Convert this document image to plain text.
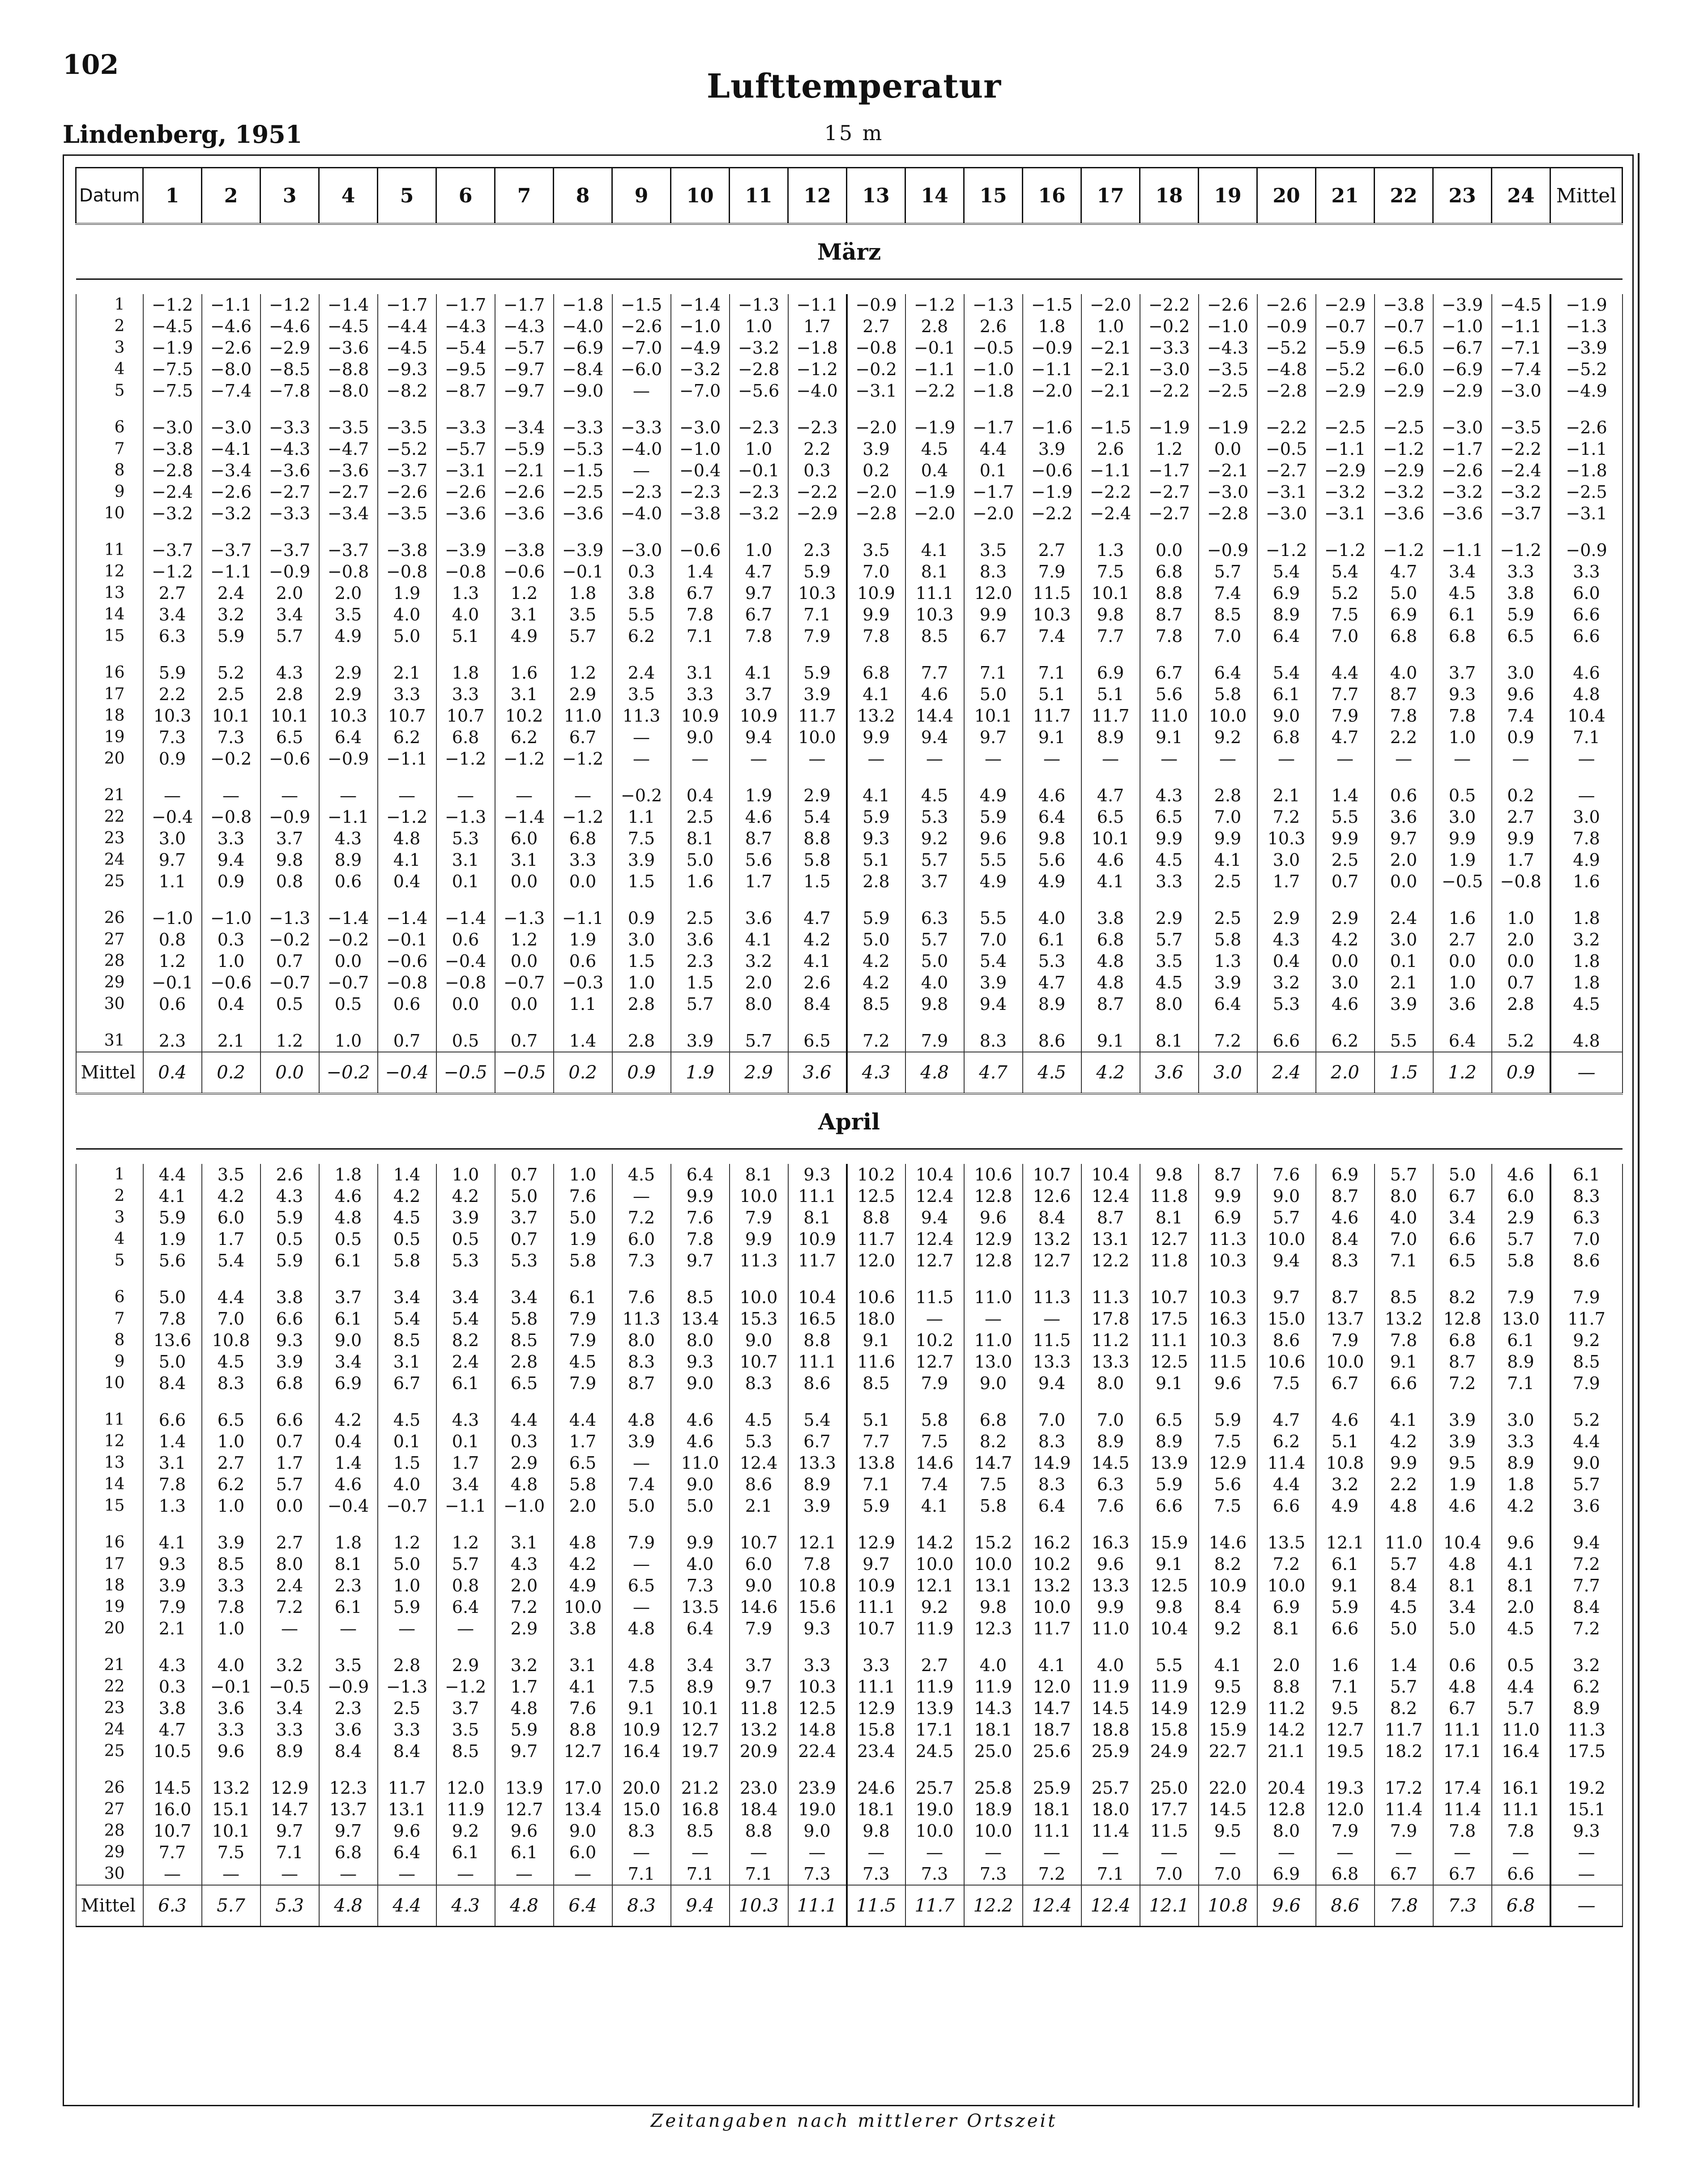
102
Lufttemperatur
Lindenberg, 1951	15 m
Datum	1	2	3	4	5	6	7	8	9	10	11	12	13	14	15	16	17	18	19	20	21	22	23	24	Mittel
März																									

1	−1.2	−1.1	−1.2	−1.4	−1.7	−1.7	−1.7	−1.8	−1.5	−1.4	−1.3	−1.1	−0.9	−1.2	−1.3	−1.5	−2.0	−2.2	−2.6	−2.6	−2.9	−3.8	−3.9	−4.5	−1.9
2	−4.5	−4.6	−4.6	−4.5	−4.4	−4.3	−4.3	−4.0	−2.6	−1.0	1.0	1.7	2.7	2.8	2.6	1.8	1.0	−0.2	−1.0	−0.9	−0.7	−0.7	−1.0	−1.1	−1.3
3	−1.9	−2.6	−2.9	−3.6	−4.5	−5.4	−5.7	−6.9	−7.0	−4.9	−3.2	−1.8	−0.8	−0.1	−0.5	−0.9	−2.1	−3.3	−4.3	−5.2	−5.9	−6.5	−6.7	−7.1	−3.9
4	−7.5	−8.0	−8.5	−8.8	−9.3	−9.5	−9.7	−8.4	−6.0	−3.2	−2.8	−1.2	−0.2	−1.1	−1.0	−1.1	−2.1	−3.0	−3.5	−4.8	−5.2	−6.0	−6.9	−7.4	−5.2
5	−7.5	−7.4	−7.8	−8.0	−8.2	−8.7	−9.7	−9.0	—	−7.0	−5.6	−4.0	−3.1	−2.2	−1.8	−2.0	−2.1	−2.2	−2.5	−2.8	−2.9	−2.9	−2.9	−3.0	−4.9
6	−3.0	−3.0	−3.3	−3.5	−3.5	−3.3	−3.4	−3.3	−3.3	−3.0	−2.3	−2.3	−2.0	−1.9	−1.7	−1.6	−1.5	−1.9	−1.9	−2.2	−2.5	−2.5	−3.0	−3.5	−2.6
7	−3.8	−4.1	−4.3	−4.7	−5.2	−5.7	−5.9	−5.3	−4.0	−1.0	1.0	2.2	3.9	4.5	4.4	3.9	2.6	1.2	0.0	−0.5	−1.1	−1.2	−1.7	−2.2	−1.1
8	−2.8	−3.4	−3.6	−3.6	−3.7	−3.1	−2.1	−1.5	—	−0.4	−0.1	0.3	0.2	0.4	0.1	−0.6	−1.1	−1.7	−2.1	−2.7	−2.9	−2.9	−2.6	−2.4	−1.8
9	−2.4	−2.6	−2.7	−2.7	−2.6	−2.6	−2.6	−2.5	−2.3	−2.3	−2.3	−2.2	−2.0	−1.9	−1.7	−1.9	−2.2	−2.7	−3.0	−3.1	−3.2	−3.2	−3.2	−3.2	−2.5
10	−3.2	−3.2	−3.3	−3.4	−3.5	−3.6	−3.6	−3.6	−4.0	−3.8	−3.2	−2.9	−2.8	−2.0	−2.0	−2.2	−2.4	−2.7	−2.8	−3.0	−3.1	−3.6	−3.6	−3.7	−3.1
11	−3.7	−3.7	−3.7	−3.7	−3.8	−3.9	−3.8	−3.9	−3.0	−0.6	1.0	2.3	3.5	4.1	3.5	2.7	1.3	0.0	−0.9	−1.2	−1.2	−1.2	−1.1	−1.2	−0.9
12	−1.2	−1.1	−0.9	−0.8	−0.8	−0.8	−0.6	−0.1	0.3	1.4	4.7	5.9	7.0	8.1	8.3	7.9	7.5	6.8	5.7	5.4	5.4	4.7	3.4	3.3	3.3
13	2.7	2.4	2.0	2.0	1.9	1.3	1.2	1.8	3.8	6.7	9.7	10.3	10.9	11.1	12.0	11.5	10.1	8.8	7.4	6.9	5.2	5.0	4.5	3.8	6.0
14	3.4	3.2	3.4	3.5	4.0	4.0	3.1	3.5	5.5	7.8	6.7	7.1	9.9	10.3	9.9	10.3	9.8	8.7	8.5	8.9	7.5	6.9	6.1	5.9	6.6
15	6.3	5.9	5.7	4.9	5.0	5.1	4.9	5.7	6.2	7.1	7.8	7.9	7.8	8.5	6.7	7.4	7.7	7.8	7.0	6.4	7.0	6.8	6.8	6.5	6.6
16	5.9	5.2	4.3	2.9	2.1	1.8	1.6	1.2	2.4	3.1	4.1	5.9	6.8	7.7	7.1	7.1	6.9	6.7	6.4	5.4	4.4	4.0	3.7	3.0	4.6
17	2.2	2.5	2.8	2.9	3.3	3.3	3.1	2.9	3.5	3.3	3.7	3.9	4.1	4.6	5.0	5.1	5.1	5.6	5.8	6.1	7.7	8.7	9.3	9.6	4.8
18	10.3	10.1	10.1	10.3	10.7	10.7	10.2	11.0	11.3	10.9	10.9	11.7	13.2	14.4	10.1	11.7	11.7	11.0	10.0	9.0	7.9	7.8	7.8	7.4	10.4
19	7.3	7.3	6.5	6.4	6.2	6.8	6.2	6.7	—	9.0	9.4	10.0	9.9	9.4	9.7	9.1	8.9	9.1	9.2	6.8	4.7	2.2	1.0	0.9	7.1
20	0.9	−0.2	−0.6	−0.9	−1.1	−1.2	−1.2	−1.2	—	—	—	—	—	—	—	—	—	—	—	—	—	—	—	—	—
21	—	—	—	—	—	—	—	—	−0.2	0.4	1.9	2.9	4.1	4.5	4.9	4.6	4.7	4.3	2.8	2.1	1.4	0.6	0.5	0.2	—
22	−0.4	−0.8	−0.9	−1.1	−1.2	−1.3	−1.4	−1.2	1.1	2.5	4.6	5.4	5.9	5.3	5.9	6.4	6.5	6.5	7.0	7.2	5.5	3.6	3.0	2.7	3.0
23	3.0	3.3	3.7	4.3	4.8	5.3	6.0	6.8	7.5	8.1	8.7	8.8	9.3	9.2	9.6	9.8	10.1	9.9	9.9	10.3	9.9	9.7	9.9	9.9	7.8
24	9.7	9.4	9.8	8.9	4.1	3.1	3.1	3.3	3.9	5.0	5.6	5.8	5.1	5.7	5.5	5.6	4.6	4.5	4.1	3.0	2.5	2.0	1.9	1.7	4.9
25	1.1	0.9	0.8	0.6	0.4	0.1	0.0	0.0	1.5	1.6	1.7	1.5	2.8	3.7	4.9	4.9	4.1	3.3	2.5	1.7	0.7	0.0	−0.5	−0.8	1.6
26	−1.0	−1.0	−1.3	−1.4	−1.4	−1.4	−1.3	−1.1	0.9	2.5	3.6	4.7	5.9	6.3	5.5	4.0	3.8	2.9	2.5	2.9	2.9	2.4	1.6	1.0	1.8
27	0.8	0.3	−0.2	−0.2	−0.1	0.6	1.2	1.9	3.0	3.6	4.1	4.2	5.0	5.7	7.0	6.1	6.8	5.7	5.8	4.3	4.2	3.0	2.7	2.0	3.2
28	1.2	1.0	0.7	0.0	−0.6	−0.4	0.0	0.6	1.5	2.3	3.2	4.1	4.2	5.0	5.4	5.3	4.8	3.5	1.3	0.4	0.0	0.1	0.0	0.0	1.8
29	−0.1	−0.6	−0.7	−0.7	−0.8	−0.8	−0.7	−0.3	1.0	1.5	2.0	2.6	4.2	4.0	3.9	4.7	4.8	4.5	3.9	3.2	3.0	2.1	1.0	0.7	1.8
30	0.6	0.4	0.5	0.5	0.6	0.0	0.0	1.1	2.8	5.7	8.0	8.4	8.5	9.8	9.4	8.9	8.7	8.0	6.4	5.3	4.6	3.9	3.6	2.8	4.5
31	2.3	2.1	1.2	1.0	0.7	0.5	0.7	1.4	2.8	3.9	5.7	6.5	7.2	7.9	8.3	8.6	9.1	8.1	7.2	6.6	6.2	5.5	6.4	5.2	4.8
Mittel	0.4	0.2	0.0	−0.2	−0.4	−0.5	−0.5	0.2	0.9	1.9	2.9	3.6	4.3	4.8	4.7	4.5	4.2	3.6	3.0	2.4	2.0	1.5	1.2	0.9	—
April																									

1	4.4	3.5	2.6	1.8	1.4	1.0	0.7	1.0	4.5	6.4	8.1	9.3	10.2	10.4	10.6	10.7	10.4	9.8	8.7	7.6	6.9	5.7	5.0	4.6	6.1
2	4.1	4.2	4.3	4.6	4.2	4.2	5.0	7.6	—	9.9	10.0	11.1	12.5	12.4	12.8	12.6	12.4	11.8	9.9	9.0	8.7	8.0	6.7	6.0	8.3
3	5.9	6.0	5.9	4.8	4.5	3.9	3.7	5.0	7.2	7.6	7.9	8.1	8.8	9.4	9.6	8.4	8.7	8.1	6.9	5.7	4.6	4.0	3.4	2.9	6.3
4	1.9	1.7	0.5	0.5	0.5	0.5	0.7	1.9	6.0	7.8	9.9	10.9	11.7	12.4	12.9	13.2	13.1	12.7	11.3	10.0	8.4	7.0	6.6	5.7	7.0
5	5.6	5.4	5.9	6.1	5.8	5.3	5.3	5.8	7.3	9.7	11.3	11.7	12.0	12.7	12.8	12.7	12.2	11.8	10.3	9.4	8.3	7.1	6.5	5.8	8.6
6	5.0	4.4	3.8	3.7	3.4	3.4	3.4	6.1	7.6	8.5	10.0	10.4	10.6	11.5	11.0	11.3	11.3	10.7	10.3	9.7	8.7	8.5	8.2	7.9	7.9
7	7.8	7.0	6.6	6.1	5.4	5.4	5.8	7.9	11.3	13.4	15.3	16.5	18.0	—	—	—	17.8	17.5	16.3	15.0	13.7	13.2	12.8	13.0	11.7
8	13.6	10.8	9.3	9.0	8.5	8.2	8.5	7.9	8.0	8.0	9.0	8.8	9.1	10.2	11.0	11.5	11.2	11.1	10.3	8.6	7.9	7.8	6.8	6.1	9.2
9	5.0	4.5	3.9	3.4	3.1	2.4	2.8	4.5	8.3	9.3	10.7	11.1	11.6	12.7	13.0	13.3	13.3	12.5	11.5	10.6	10.0	9.1	8.7	8.9	8.5
10	8.4	8.3	6.8	6.9	6.7	6.1	6.5	7.9	8.7	9.0	8.3	8.6	8.5	7.9	9.0	9.4	8.0	9.1	9.6	7.5	6.7	6.6	7.2	7.1	7.9
11	6.6	6.5	6.6	4.2	4.5	4.3	4.4	4.4	4.8	4.6	4.5	5.4	5.1	5.8	6.8	7.0	7.0	6.5	5.9	4.7	4.6	4.1	3.9	3.0	5.2
12	1.4	1.0	0.7	0.4	0.1	0.1	0.3	1.7	3.9	4.6	5.3	6.7	7.7	7.5	8.2	8.3	8.9	8.9	7.5	6.2	5.1	4.2	3.9	3.3	4.4
13	3.1	2.7	1.7	1.4	1.5	1.7	2.9	6.5	—	11.0	12.4	13.3	13.8	14.6	14.7	14.9	14.5	13.9	12.9	11.4	10.8	9.9	9.5	8.9	9.0
14	7.8	6.2	5.7	4.6	4.0	3.4	4.8	5.8	7.4	9.0	8.6	8.9	7.1	7.4	7.5	8.3	6.3	5.9	5.6	4.4	3.2	2.2	1.9	1.8	5.7
15	1.3	1.0	0.0	−0.4	−0.7	−1.1	−1.0	2.0	5.0	5.0	2.1	3.9	5.9	4.1	5.8	6.4	7.6	6.6	7.5	6.6	4.9	4.8	4.6	4.2	3.6
16	4.1	3.9	2.7	1.8	1.2	1.2	3.1	4.8	7.9	9.9	10.7	12.1	12.9	14.2	15.2	16.2	16.3	15.9	14.6	13.5	12.1	11.0	10.4	9.6	9.4
17	9.3	8.5	8.0	8.1	5.0	5.7	4.3	4.2	—	4.0	6.0	7.8	9.7	10.0	10.0	10.2	9.6	9.1	8.2	7.2	6.1	5.7	4.8	4.1	7.2
18	3.9	3.3	2.4	2.3	1.0	0.8	2.0	4.9	6.5	7.3	9.0	10.8	10.9	12.1	13.1	13.2	13.3	12.5	10.9	10.0	9.1	8.4	8.1	8.1	7.7
19	7.9	7.8	7.2	6.1	5.9	6.4	7.2	10.0	—	13.5	14.6	15.6	11.1	9.2	9.8	10.0	9.9	9.8	8.4	6.9	5.9	4.5	3.4	2.0	8.4
20	2.1	1.0	—	—	—	—	2.9	3.8	4.8	6.4	7.9	9.3	10.7	11.9	12.3	11.7	11.0	10.4	9.2	8.1	6.6	5.0	5.0	4.5	7.2
21	4.3	4.0	3.2	3.5	2.8	2.9	3.2	3.1	4.8	3.4	3.7	3.3	3.3	2.7	4.0	4.1	4.0	5.5	4.1	2.0	1.6	1.4	0.6	0.5	3.2
22	0.3	−0.1	−0.5	−0.9	−1.3	−1.2	1.7	4.1	7.5	8.9	9.7	10.3	11.1	11.9	11.9	12.0	11.9	11.9	9.5	8.8	7.1	5.7	4.8	4.4	6.2
23	3.8	3.6	3.4	2.3	2.5	3.7	4.8	7.6	9.1	10.1	11.8	12.5	12.9	13.9	14.3	14.7	14.5	14.9	12.9	11.2	9.5	8.2	6.7	5.7	8.9
24	4.7	3.3	3.3	3.6	3.3	3.5	5.9	8.8	10.9	12.7	13.2	14.8	15.8	17.1	18.1	18.7	18.8	15.8	15.9	14.2	12.7	11.7	11.1	11.0	11.3
25	10.5	9.6	8.9	8.4	8.4	8.5	9.7	12.7	16.4	19.7	20.9	22.4	23.4	24.5	25.0	25.6	25.9	24.9	22.7	21.1	19.5	18.2	17.1	16.4	17.5
26	14.5	13.2	12.9	12.3	11.7	12.0	13.9	17.0	20.0	21.2	23.0	23.9	24.6	25.7	25.8	25.9	25.7	25.0	22.0	20.4	19.3	17.2	17.4	16.1	19.2
27	16.0	15.1	14.7	13.7	13.1	11.9	12.7	13.4	15.0	16.8	18.4	19.0	18.1	19.0	18.9	18.1	18.0	17.7	14.5	12.8	12.0	11.4	11.4	11.1	15.1
28	10.7	10.1	9.7	9.7	9.6	9.2	9.6	9.0	8.3	8.5	8.8	9.0	9.8	10.0	10.0	11.1	11.4	11.5	9.5	8.0	7.9	7.9	7.8	7.8	9.3
29	7.7	7.5	7.1	6.8	6.4	6.1	6.1	6.0	—	—	—	—	—	—	—	—	—	—	—	—	—	—	—	—	—
30	—	—	—	—	—	—	—	—	7.1	7.1	7.1	7.3	7.3	7.3	7.3	7.2	7.1	7.0	7.0	6.9	6.8	6.7	6.7	6.6	—
Mittel	6.3	5.7	5.3	4.8	4.4	4.3	4.8	6.4	8.3	9.4	10.3	11.1	11.5	11.7	12.2	12.4	12.4	12.1	10.8	9.6	8.6	7.8	7.3	6.8	—
Zeitangaben nach mittlerer Ortszeit
